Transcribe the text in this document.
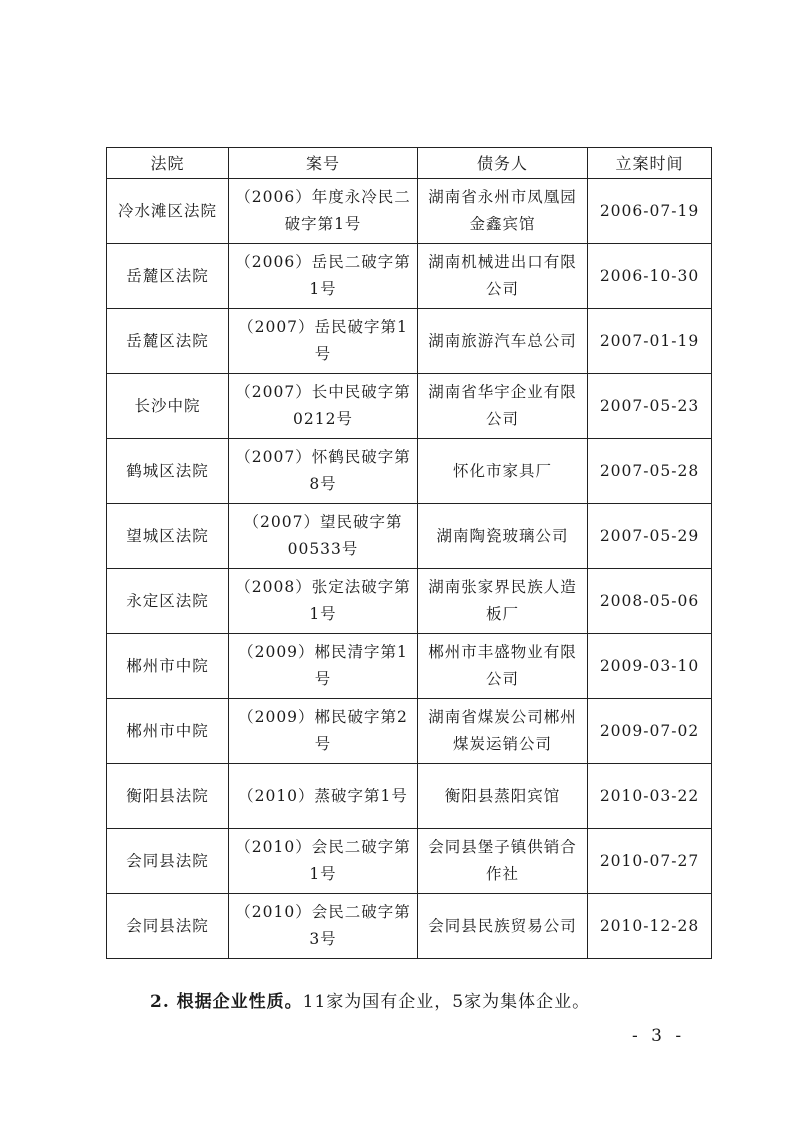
法院	案号	债务人	立案时间
冷水滩区法院	（2006）年度永冷民二破字第1号	湖南省永州市凤凰园金鑫宾馆	2006-07-19
岳麓区法院	（2006）岳民二破字第1号	湖南机械进出口有限公司	2006-10-30
岳麓区法院	（2007）岳民破字第1号	湖南旅游汽车总公司	2007-01-19
长沙中院	（2007）长中民破字第0212号	湖南省华宇企业有限公司	2007-05-23
鹤城区法院	（2007）怀鹤民破字第8号	怀化市家具厂	2007-05-28
望城区法院	（2007）望民破字第00533号	湖南陶瓷玻璃公司	2007-05-29
永定区法院	（2008）张定法破字第1号	湖南张家界民族人造板厂	2008-05-06
郴州市中院	（2009）郴民清字第1号	郴州市丰盛物业有限公司	2009-03-10
郴州市中院	（2009）郴民破字第2号	湖南省煤炭公司郴州煤炭运销公司	2009-07-02
衡阳县法院	（2010）蒸破字第1号	衡阳县蒸阳宾馆	2010-03-22
会同县法院	（2010）会民二破字第1号	会同县堡子镇供销合作社	2010-07-27
会同县法院	（2010）会民二破字第3号	会同县民族贸易公司	2010-12-28

2. 根据企业性质。11家为国有企业，5家为集体企业。

- 3 -
